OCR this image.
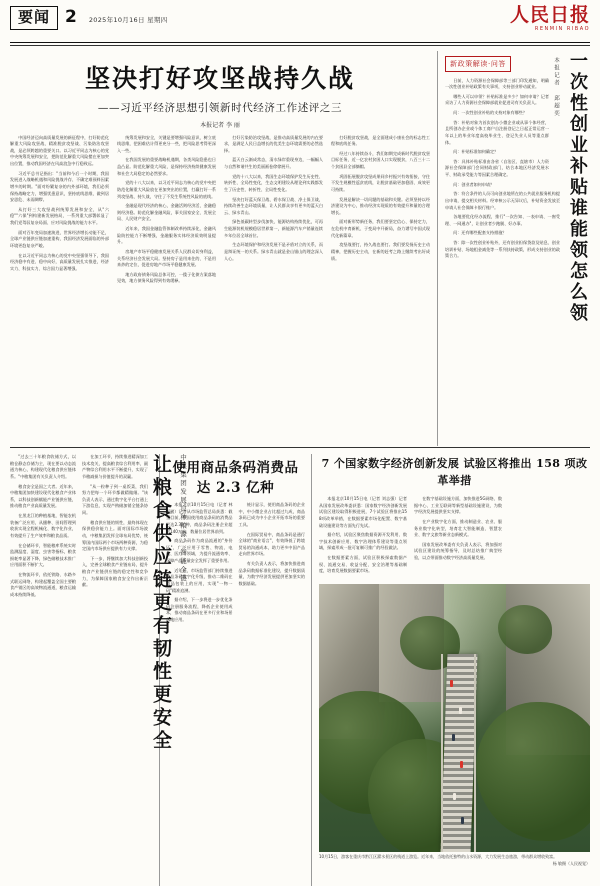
要闻 2 2025年10月16日 星期四	人民日报
RENMIN RIBAO
坚决打好攻坚战持久战
——习近平经济思想引领新时代经济工作述评之三
本报记者 李 丽

中国经济迈向高质量发展的新征程中，打好防范化解重大风险攻坚战、精准脱贫攻坚战、污染防治攻坚战，是必须跨越的重要关口。以习近平同志为核心的党中央统筹发展和安全，把防范化解重大风险摆在更加突出位置，推动我国经济在风高浪急中行稳致远。

习近平总书记指出："当前和今后一个时期，我国发展进入战略机遇和风险挑战并存、不确定难预料因素增多的时期。"面对纷繁复杂的内外部环境，我们必须保持战略定力，增强忧患意识，坚持底线思维，做到居安思危、未雨绸缪。

从打好三大攻坚战到统筹发展和安全，从"六稳""六保"到构建新发展格局，一系列重大部署彰显了我们党驾驭复杂局面、应对风险挑战的能力水平。

面对百年变局加速演进，世界经济增长动能不足，全球产业链供应链加速重构，我国经济发展面临的外部环境更趋复杂严峻。

在以习近平同志为核心的党中央坚强领导下，我国经济稳中有进、稳中向好，高质量发展扎实推进，经济实力、科技实力、综合国力显著增强。

统筹发展和安全，关键是要增强风险意识，树立底线思维，把困难估计得更充分一些，把风险思考得更深入一些。

在我国发展的重要战略机遇期，各类风险隐患也日益凸显。防范化解重大风险，是保持经济持续健康发展和社会大局稳定的必然要求。

党的十八大以来，以习近平同志为核心的党中央把防范化解重大风险放在更加突出的位置，打赢打好一系列攻坚战、持久战，守住了不发生系统性风险的底线。

金融是现代经济的核心，金融活则经济活，金融稳则经济稳。防范化解金融风险，事关国家安全、发展全局、人民财产安全。

近年来，我国金融监管体制改革持续深化，金融风险防控能力不断增强，金融服务实体经济质效明显提升。

房地产市场平稳健康发展关系人民群众切身利益，关系经济社会发展大局。坚持房子是用来住的、不是用来炒的定位，促进房地产市场平稳健康发展。

地方政府债务风险总体可控，一揽子化债方案落地见效，地方债务风险得到有效缓释。

打好污染防治攻坚战，是推动高质量发展的内在要求，是满足人民日益增长的优美生态环境需要的必然选择。

蓝天白云渐成常态，清水绿岸重现身边，一幅幅人与自然和谐共生的美丽画卷徐徐展开。

党的十八大以来，我国生态环境保护发生历史性、转折性、全局性变化，生态文明建设从理论到实践都发生了历史性、转折性、全局性变化。

坚决打好蓝天保卫战、碧水保卫战、净土保卫战，持续改善生态环境质量，让人民群众享有更多的蓝天白云、绿水青山。

绿色低碳转型步伐加快，能源结构持续优化，可再生能源装机规模稳居世界第一，新能源汽车产销量连续多年位居全球首位。

生态环境保护和经济发展不是矛盾对立的关系，而是辩证统一的关系。绿水青山就是金山银山的理念深入人心。

打好脱贫攻坚战，是全面建成小康社会的标志性工程和底线任务。

经过八年持续奋斗，我们如期完成新时代脱贫攻坚目标任务，近一亿农村贫困人口实现脱贫，八百三十二个贫困县全部摘帽。

巩固拓展脱贫攻坚成果同乡村振兴有效衔接，守住不发生规模性返贫底线，让脱贫基础更加稳固、成效更可持续。

发展是解决一切问题的基础和关键。必须坚持以经济建设为中心，推动经济实现质的有效提升和量的合理增长。

面对新形势新任务，我们要坚定信心、保持定力，在危机中育新机、于变局中开新局，奋力谱写中国式现代化新篇章。

攻坚战要打，持久战也要打。我们要发扬历史主动精神，把握历史主动，在新的赶考之路上继续考出好成绩。

新政策解读·问答	一次性创业补贴谁能领怎么领
本报记者 邱超奕

日前，人力资源社会保障部等三部门印发通知，明确一次性创业补贴政策有关事项，支持创业带动就业。

哪些人可以申领？补贴标准是多少？如何申请？记者采访了人力资源社会保障部就业促进司有关负责人。

问：一次性创业补贴的支持对象有哪些？

答：补贴对象为首次创办小微企业或从事个体经营，且所创办企业或个体工商户自注册登记之日起正常运营一年以上的毕业年度高校毕业生、登记失业人员等重点群体。

问：补贴标准如何确定？

答：具体补贴标准由各省（自治区、直辖市）人力资源社会保障部门会同财政部门，结合本地区经济发展水平、财政承受能力等因素合理确定。

问：创业者如何申请？

答：符合条件的人员可向创业地所在的公共就业服务机构提出申请，提交相关材料。经审核公示无异议后，补贴资金发放至申请人社会保障卡银行账户。

各地要优化经办流程，推行"一次告知、一表申请、一窗受理、一网通办"，让创业者少跑腿、好办事。

问：还有哪些配套支持措施？

答：除一次性创业补贴外，还有创业担保贷款及贴息、创业培训补贴、场地租金减免等一系列扶持政策，形成支持创业的政策合力。

"过去三十年粮食收储方式，以粮仓静态存储为主，现在要以动态流通为核心，构建现代化粮食供应链体系。"中粮集团有关负责人介绍。

粮食安全是国之大者。近年来，中粮集团加快建设现代化粮食产业体系，以科技创新赋能产业链供应链，推动粮食产业高质量发展。

在黑龙江的种植基地，智能农机装备广泛应用，从播种、田间管理到收获实现全程机械化、数字化作业，有效提升了生产效率和粮食品质。

在仓储环节，智能粮库系统实时监测温度、湿度、虫害等指标，粮食损耗率显著下降，绿色储粮技术推广应用面积不断扩大。

在物流环节，依托铁路、水路多式联运网络，构建起覆盖全国主要粮食产销区的高效物流通道，粮食运输成本持续降低。

在加工环节，持续推进精深加工技术攻关，提高粮食综合利用率，副产物综合利用水平不断提升，实现了节粮减损与价值提升的双赢。

"从一粒种子到一桌饭菜，我们努力把每一个环节都做精做细。"该负责人表示，通过数字化平台打通上下游信息，实现产购储加销全链条协同。

粮食供应链的韧性，最终体现在保供稳价能力上。面对国际市场波动，中粮集团发挥全球布局优势，统筹国内国际两个市场两种资源，为稳定国内市场供应提供有力支撑。

下一步，将继续加大科技创新投入，完善全球粮食产业链布局，提升粮食产业链供应链的稳定性和竞争力，为保障国家粮食安全作出新贡献。	让粮食供应链更有韧性更安全	中粮集团发展良种粮源·智能全链
使用商品条码消费品达 2.3 亿种

本报北京10月15日电（记者 林丽鹂）记者从市场监管总局获悉：截至目前，我国使用商品条码的消费品已达2.3亿种，商品条码注册企业超过140万家，数量位居世界前列。

商品条码作为商品流通的"身份证"，广泛应用于零售、物流、电商、医疗等领域，为提升流通效率、保障产品质量安全发挥了重要作用。

近年来，市场监管部门持续推进商品条码数字化升级，推动二维码在商品包装上的应用，实现"一物一码"精准追溯。

据介绍，下一步将进一步优化条码注册服务流程，降低企业使用成本，推动商品条码在更多行业和场景落地应用。

统计显示，使用商品条码的企业中，中小微企业占比超过九成，商品条码已成为中小企业开拓市场的重要工具。

在国际贸易中，商品条码是通行全球的"商业语言"，有效降低了跨境贸易的沟通成本，助力更多中国产品走向世界市场。

有关负责人表示，将加快推进商品条码数据标准化建设，提升数据质量，为数字经济发展提供更加坚实的数据基础。

7 个国家数字经济创新发展 试验区将推出 158 项改革举措

本报北京10月15日电（记者 刘志强）记者从国家发展改革委获悉：国家数字经济创新发展试验区建设取得积极进展，7个试验区将推出158项改革举措，在数据要素市场化配置、数字基础设施建设等方面先行先试。

据介绍，试验区聚焦数据资源开发利用、数字技术创新应用、数字治理体系建设等重点领域，探索形成一批可复制可推广的经验做法。

在数据要素方面，试验区积极探索数据产权、流通交易、收益分配、安全治理等基础制度，培育发展数据要素市场。

在数字基础设施方面，加快推进5G网络、数据中心、工业互联网等新型基础设施建设，为数字经济发展提供坚实支撑。

在产业数字化方面，推动制造业、农业、服务业数字化转型，培育壮大智能制造、智慧农业、数字文旅等新业态新模式。

国家发展改革委有关负责人表示，将加强对试验区建设的统筹指导，及时总结推广典型经验，以点带面推动数字经济高质量发展。

10月15日，游客在重庆市黔江区濯水景区的栈道上游览。近年来，当地依托独特的山水资源，大力发展生态旅游，带动群众增收致富。
杨 敏摄（人民视觉）
